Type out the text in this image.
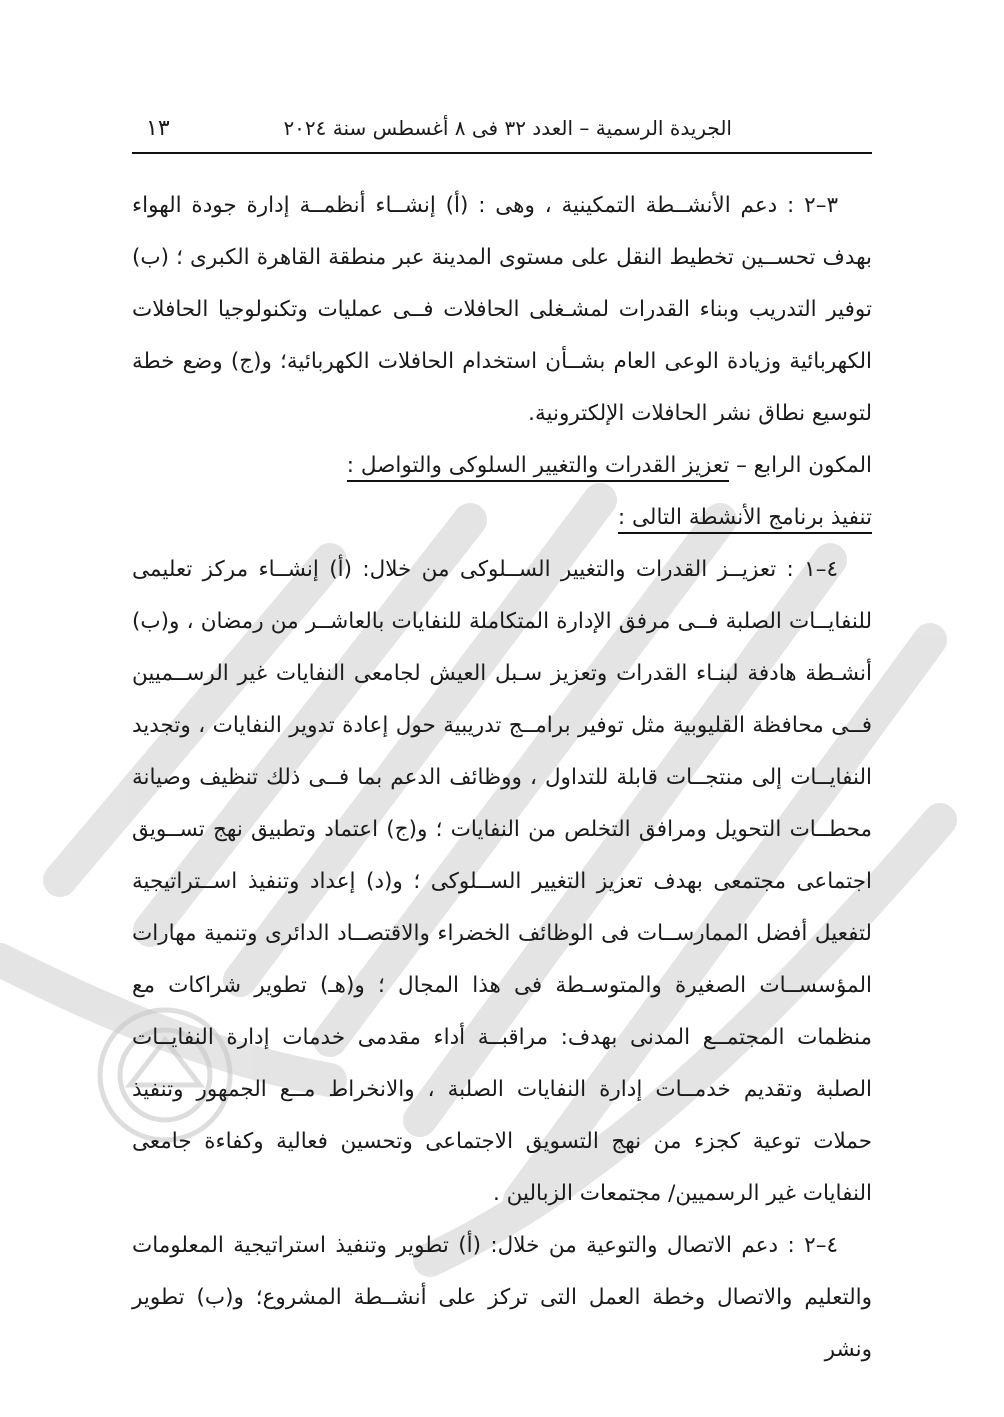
الجريدة الرسمية – العدد ٣٢ فى ٨ أغسطس سنة ٢٠٢٤
١٣

٣–٢ : دعم الأنشــطة التمكينية ، وهى : (أ) إنشــاء أنظمــة إدارة جودة الهواء بهدف تحســين تخطيط النقل على مستوى المدينة عبر منطقة القاهرة الكبرى ؛ (ب) توفير التدريب وبناء القدرات لمشـغلى الحافلات فــى عمليات وتكنولوجيا الحافلات الكهربائية وزيادة الوعى العام بشــأن استخدام الحافلات الكهربائية؛ و(ج) وضع خطة لتوسيع نطاق نشر الحافلات الإلكترونية.

المكون الرابع – تعزيز القدرات والتغيير السلوكى والتواصل :

تنفيذ برنامج الأنشطة التالى :

٤–١ : تعزيــز القدرات والتغيير الســلوكى من خلال: (أ) إنشــاء مركز تعليمى للنفايــات الصلبة فــى مرفق الإدارة المتكاملة للنفايات بالعاشــر من رمضان ، و(ب) أنشـطة هادفة لبنـاء القدرات وتعزيز سـبل العيش لجامعى النفايات غير الرســميين فــى محافظة القليوبية مثل توفير برامــج تدريبية حول إعادة تدوير النفايات ، وتجديد النفايــات إلى منتجــات قابلة للتداول ، ووظائف الدعم بما فــى ذلك تنظيف وصيانة محطــات التحويل ومرافق التخلص من النفايات ؛ و(ج) اعتماد وتطبيق نهج تســويق اجتماعى مجتمعى بهدف تعزيز التغيير الســلوكى ؛ و(د) إعداد وتنفيذ اســتراتيجية لتفعيل أفضل الممارســات فى الوظائف الخضراء والاقتصــاد الدائرى وتنمية مهارات المؤسســات الصغيرة والمتوسـطة فى هذا المجال ؛ و(هـ) تطوير شراكات مع منظمات المجتمــع المدنى بهدف: مراقبــة أداء مقدمى خدمات إدارة النفايــات الصلبة وتقديم خدمــات إدارة النفايات الصلبة ، والانخراط مــع الجمهور وتنفيذ حملات توعية كجزء من نهج التسويق الاجتماعى وتحسين فعالية وكفاءة جامعى النفايات غير الرسميين/ مجتمعات الزبالين .

٤–٢ : دعم الاتصال والتوعية من خلال: (أ) تطوير وتنفيذ استراتيجية المعلومات والتعليم والاتصال وخطة العمل التى تركز على أنشــطة المشروع؛ و(ب) تطوير ونشر
